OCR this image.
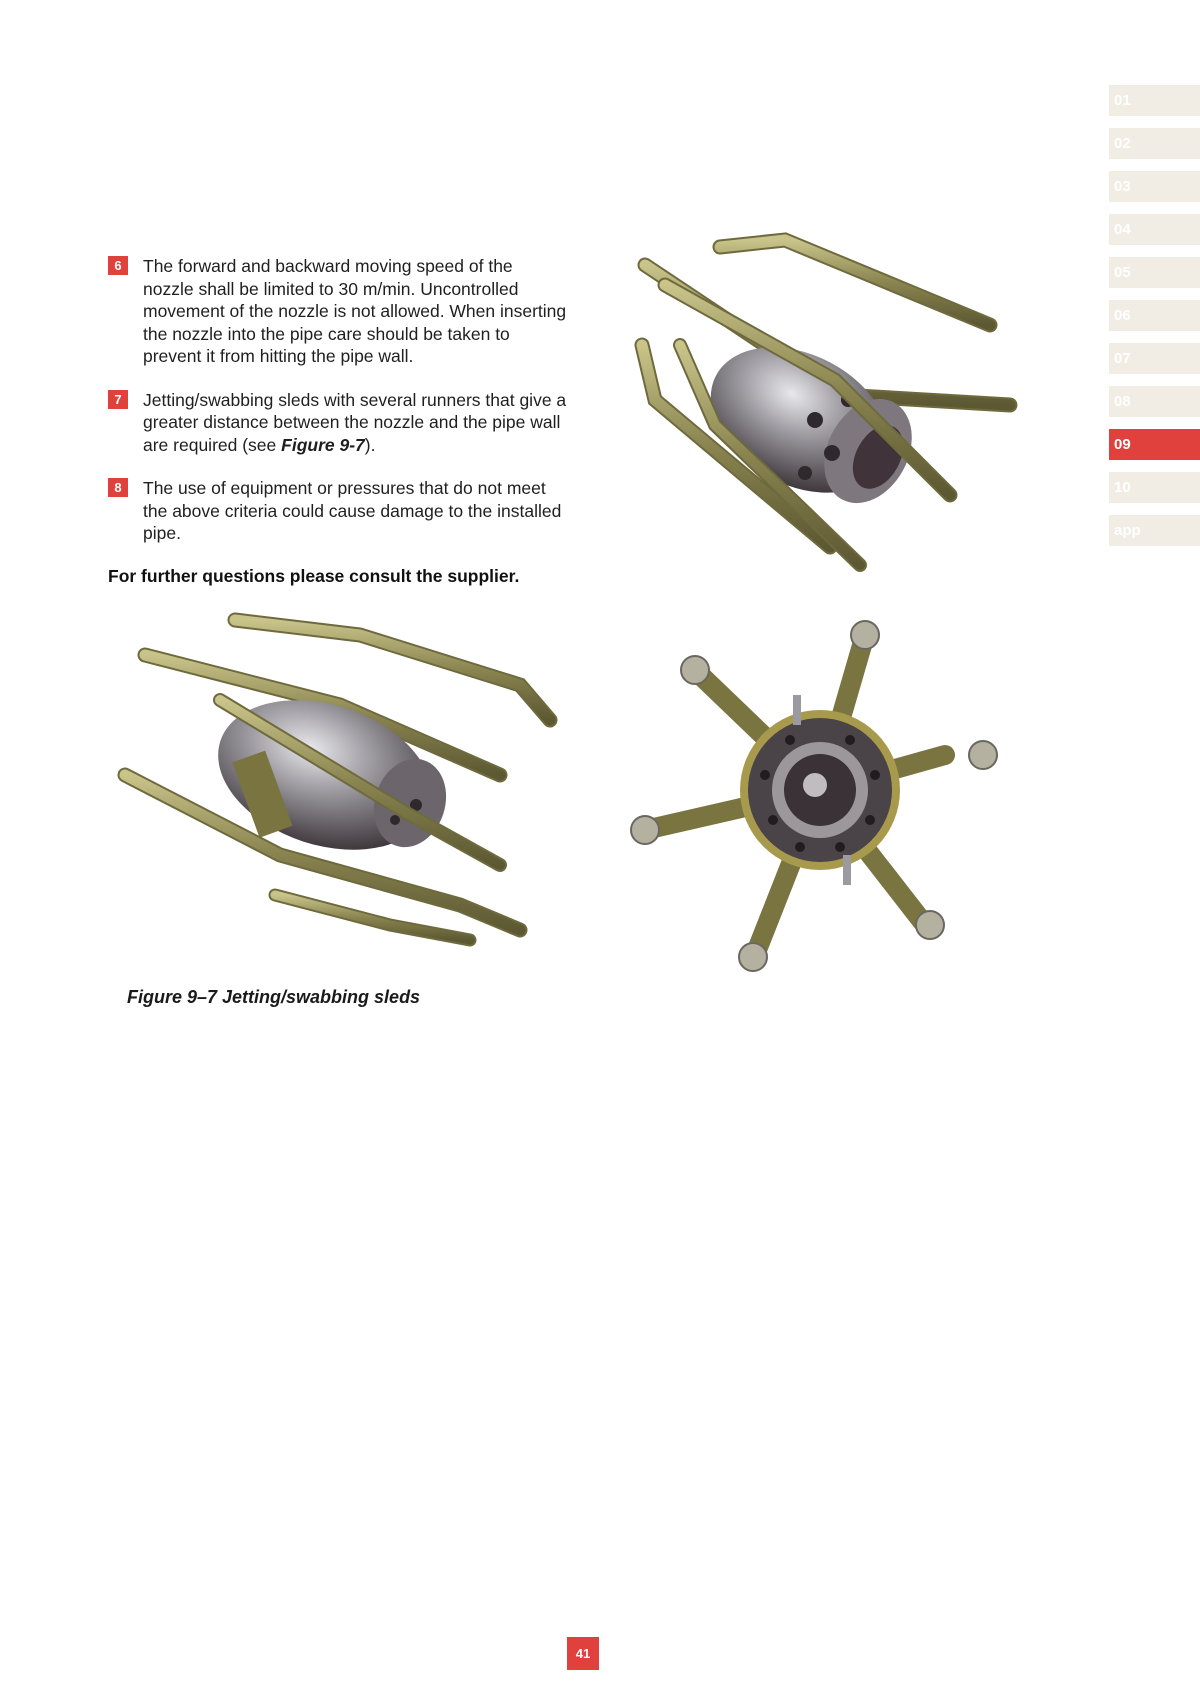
01
02
03
04
05
06
07
08
09
10
app
6	The forward and backward moving speed of the nozzle shall be limited to 30 m/min. Uncontrolled movement of the nozzle is not allowed. When inserting the nozzle into the pipe care should be taken to prevent it from hitting the pipe wall.
7	Jetting/swabbing sleds with several runners that give a greater distance between the nozzle and the pipe wall are required (see Figure 9-7).
8	The use of equipment or pressures that do not meet the above criteria could cause damage to the installed pipe.
For further questions please consult the supplier.
Figure 9–7 Jetting/swabbing sleds
41
